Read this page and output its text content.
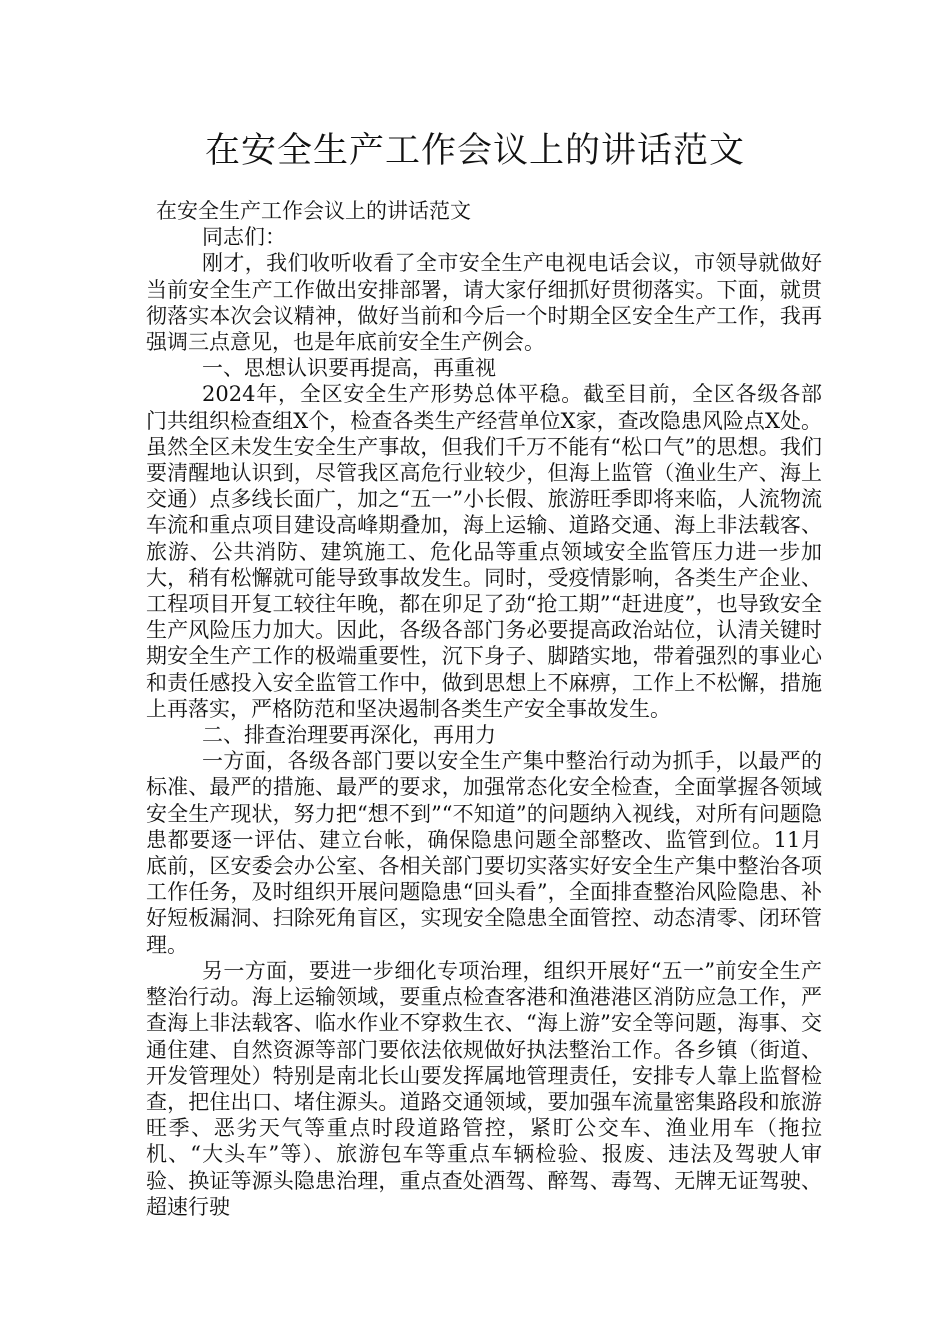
在安全生产工作会议上的讲话范文

在安全生产工作会议上的讲话范文

同志们：

刚才，我们收听收看了全市安全生产电视电话会议，市领导就做好当前安全生产工作做出安排部署，请大家仔细抓好贯彻落实。下面，就贯彻落实本次会议精神，做好当前和今后一个时期全区安全生产工作，我再强调三点意见，也是年底前安全生产例会。

一、思想认识要再提高，再重视

2024年，全区安全生产形势总体平稳。截至目前，全区各级各部门共组织检查组X个，检查各类生产经营单位X家，查改隐患风险点X处。虽然全区未发生安全生产事故，但我们千万不能有“松口气”的思想。我们要清醒地认识到，尽管我区高危行业较少，但海上监管（渔业生产、海上交通）点多线长面广，加之“五一”小长假、旅游旺季即将来临，人流物流车流和重点项目建设高峰期叠加，海上运输、道路交通、海上非法载客、旅游、公共消防、建筑施工、危化品等重点领域安全监管压力进一步加大，稍有松懈就可能导致事故发生。同时，受疫情影响，各类生产企业、工程项目开复工较往年晚，都在卯足了劲“抢工期”“赶进度”，也导致安全生产风险压力加大。因此，各级各部门务必要提高政治站位，认清关键时期安全生产工作的极端重要性，沉下身子、脚踏实地，带着强烈的事业心和责任感投入安全监管工作中，做到思想上不麻痹，工作上不松懈，措施上再落实，严格防范和坚决遏制各类生产安全事故发生。

二、排查治理要再深化，再用力

一方面，各级各部门要以安全生产集中整治行动为抓手，以最严的标准、最严的措施、最严的要求，加强常态化安全检查，全面掌握各领域安全生产现状，努力把“想不到”“不知道”的问题纳入视线，对所有问题隐患都要逐一评估、建立台帐，确保隐患问题全部整改、监管到位。11月底前，区安委会办公室、各相关部门要切实落实好安全生产集中整治各项工作任务，及时组织开展问题隐患“回头看”，全面排查整治风险隐患、补好短板漏洞、扫除死角盲区，实现安全隐患全面管控、动态清零、闭环管理。

另一方面，要进一步细化专项治理，组织开展好“五一”前安全生产整治行动。海上运输领域，要重点检查客港和渔港港区消防应急工作，严查海上非法载客、临水作业不穿救生衣、“海上游”安全等问题，海事、交通住建、自然资源等部门要依法依规做好执法整治工作。各乡镇（街道、开发管理处）特别是南北长山要发挥属地管理责任，安排专人靠上监督检查，把住出口、堵住源头。道路交通领域，要加强车流量密集路段和旅游旺季、恶劣天气等重点时段道路管控，紧盯公交车、渔业用车（拖拉机、“大头车”等）、旅游包车等重点车辆检验、报废、违法及驾驶人审验、换证等源头隐患治理，重点查处酒驾、醉驾、毒驾、无牌无证驾驶、超速行驶
